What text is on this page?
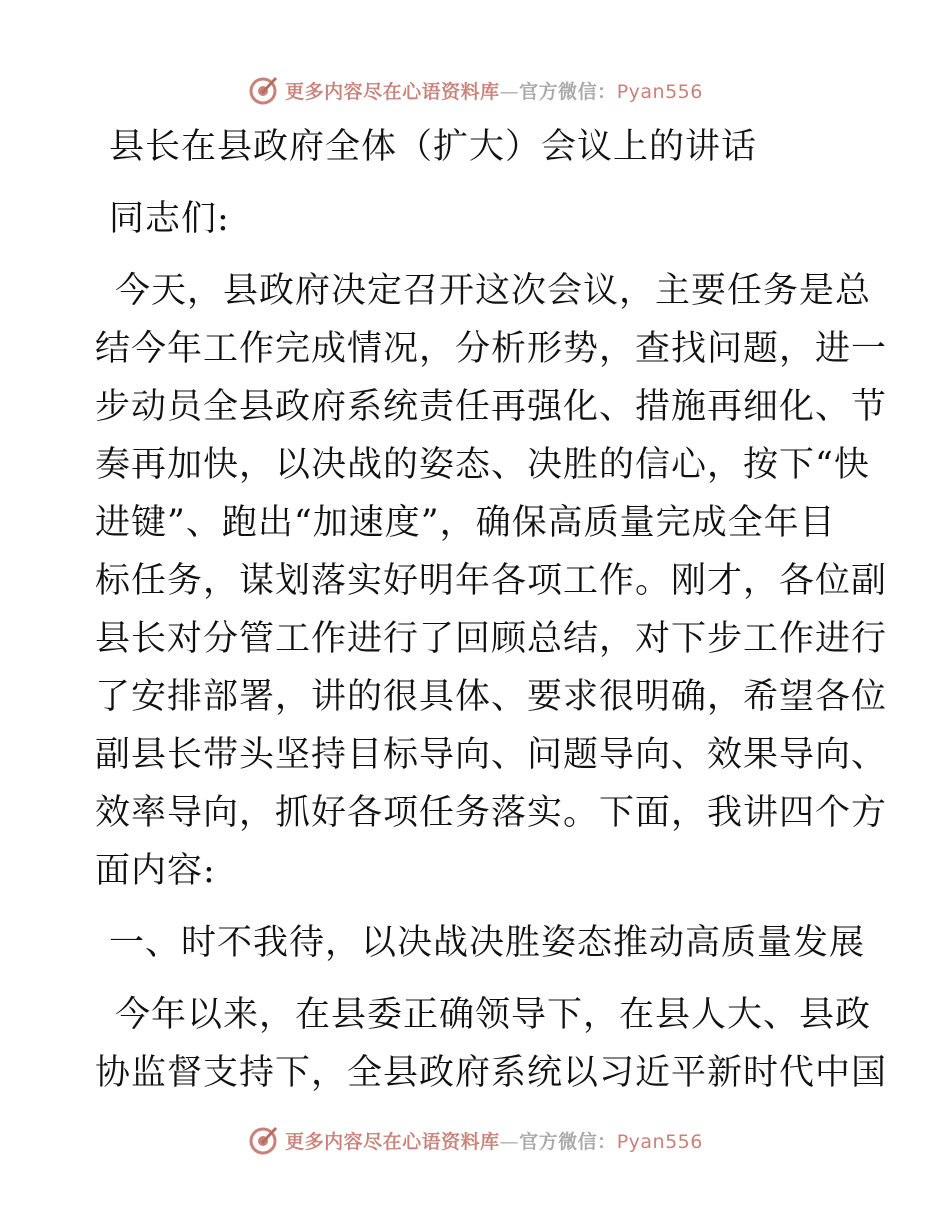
更多内容尽在心语资料库—官方微信：Pyan556
县长在县政府全体（扩大）会议上的讲话
同志们:
今天，县政府决定召开这次会议，主要任务是总
结今年工作完成情况，分析形势，查找问题，进一
步动员全县政府系统责任再强化、措施再细化、节
奏再加快，以决战的姿态、决胜的信心，按下“快
进键”、跑出“加速度”，确保高质量完成全年目
标任务，谋划落实好明年各项工作。刚才，各位副
县长对分管工作进行了回顾总结，对下步工作进行
了安排部署，讲的很具体、要求很明确，希望各位
副县长带头坚持目标导向、问题导向、效果导向、
效率导向，抓好各项任务落实。下面，我讲四个方
面内容:
一、时不我待，以决战决胜姿态推动高质量发展
今年以来，在县委正确领导下，在县人大、县政
协监督支持下，全县政府系统以习近平新时代中国
更多内容尽在心语资料库—官方微信：Pyan556
